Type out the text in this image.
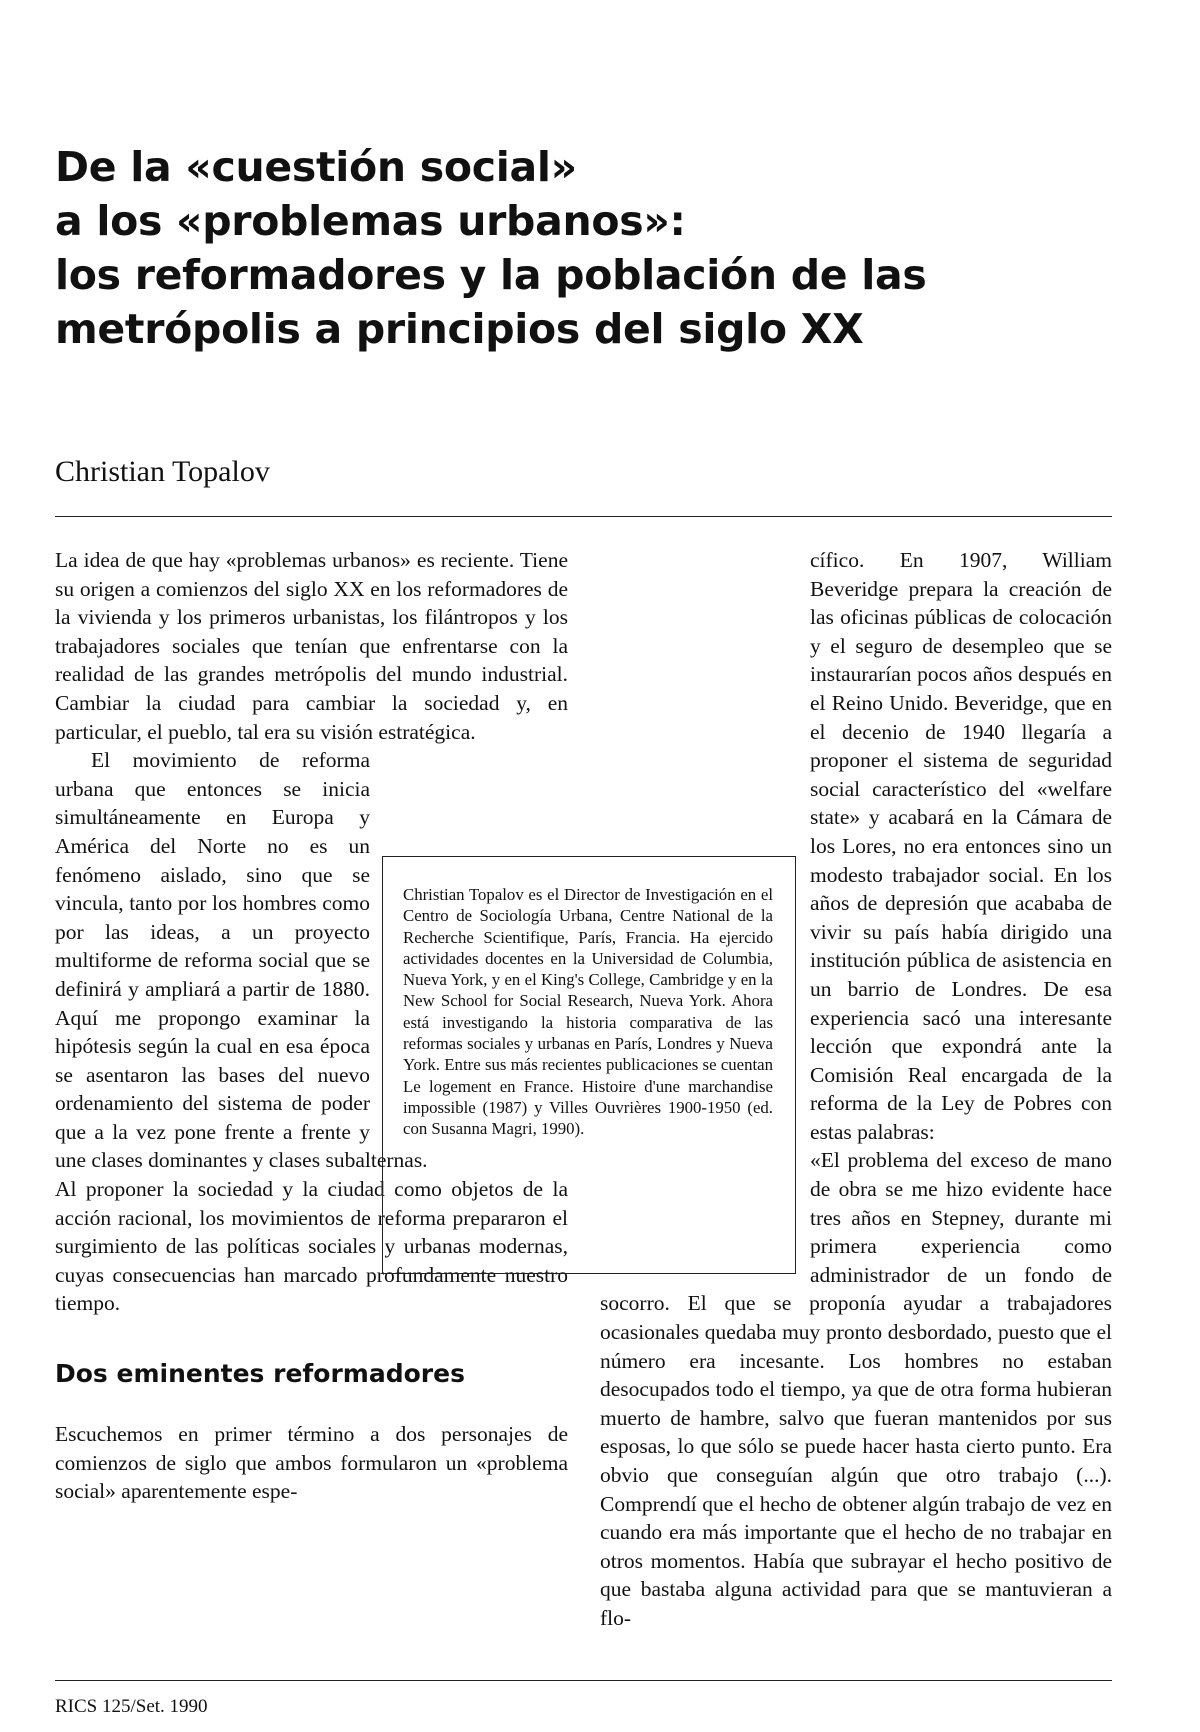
De la «cuestión social»
a los «problemas urbanos»:
los reformadores y la población de las
metrópolis a principios del siglo XX

Christian Topalov

La idea de que hay «problemas urbanos» es reciente. Tiene su origen a comienzos del siglo XX en los reformadores de la vivienda y los primeros urbanistas, los filántropos y los trabajadores sociales que tenían que enfrentarse con la realidad de las grandes metrópolis del mundo industrial. Cambiar la ciudad para cambiar la sociedad y, en particular, el pueblo, tal era su visión estratégica.

El movimiento de reforma urbana que entonces se inicia simultáneamente en Europa y América del Norte no es un fenómeno aislado, sino que se vincula, tanto por los hombres como por las ideas, a un proyecto multiforme de reforma social que se definirá y ampliará a partir de 1880. Aquí me propongo examinar la hipótesis según la cual en esa época se asentaron las bases del nuevo ordenamiento del sistema de poder que a la vez pone frente a frente y une clases dominantes y clases subalternas.

Al proponer la sociedad y la ciudad como objetos de la acción racional, los movimientos de reforma prepararon el surgimiento de las políticas sociales y urbanas modernas, cuyas consecuencias han marcado profundamente nuestro tiempo.

Dos eminentes reformadores

Escuchemos en primer término a dos personajes de comienzos de siglo que ambos formularon un «problema social» aparentemente espe-

cífico. En 1907, William Beveridge prepara la creación de las oficinas públicas de colocación y el seguro de desempleo que se instaurarían pocos años después en el Reino Unido. Beveridge, que en el decenio de 1940 llegaría a proponer el sistema de seguridad social característico del «welfare state» y acabará en la Cámara de los Lores, no era entonces sino un modesto trabajador social. En los años de depresión que acababa de vivir su país había dirigido una institución pública de asistencia en un barrio de Londres. De esa experiencia sacó una interesante lección que expondrá ante la Comisión Real encargada de la reforma de la Ley de Pobres con estas palabras:

«El problema del exceso de mano de obra se me hizo evidente hace tres años en Stepney, durante mi primera experiencia como administrador de un fondo de socorro. El que se proponía ayudar a trabajadores ocasionales quedaba muy pronto desbordado, puesto que el número era incesante. Los hombres no estaban desocupados todo el tiempo, ya que de otra forma hubieran muerto de hambre, salvo que fueran mantenidos por sus esposas, lo que sólo se puede hacer hasta cierto punto. Era obvio que conseguían algún que otro trabajo (...). Comprendí que el hecho de obtener algún trabajo de vez en cuando era más importante que el hecho de no trabajar en otros momentos. Había que subrayar el hecho positivo de que bastaba alguna actividad para que se mantuvieran a flo-

Christian Topalov es el Director de Investigación en el Centro de Sociología Urbana, Centre National de la Recherche Scientifique, París, Francia. Ha ejercido actividades docentes en la Universidad de Columbia, Nueva York, y en el King's College, Cambridge y en la New School for Social Research, Nueva York. Ahora está investigando la historia comparativa de las reformas sociales y urbanas en París, Londres y Nueva York. Entre sus más recientes publicaciones se cuentan Le logement en France. Histoire d'une marchandise impossible (1987) y Villes Ouvrières 1900-1950 (ed. con Susanna Magri, 1990).

RICS 125/Set. 1990
